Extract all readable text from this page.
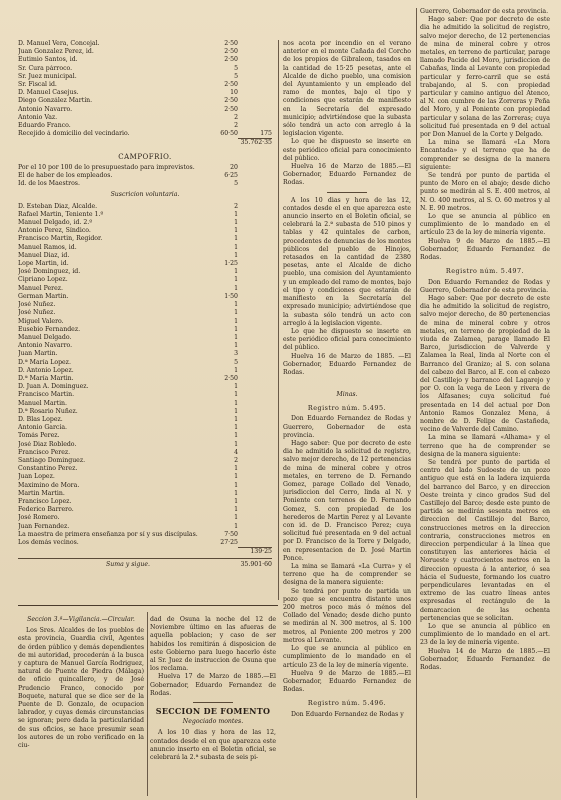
D. Manuel Vera, Concejal.	2·50
Juan Gonzalez Perez, id.	2·50
Eutimio Santos, id.	2·50
Sr. Cura párroco.	5
Sr. Juez municipal.	5
Sr. Fiscal id.	2·50
D. Manuel Casejus.	10
Diego González Martín.	2·50
Antonio Navarro.	2·50
Antonio Vaz.	2
Eduardo Franco.	2
Recejido á domicilio del vecindario.	60·50	175
35.762·35
CAMPOFRIO.
Por el 10 por 100 de lo presupuestado para imprevistos.	20
El de haber de los empleados.	6·25
Id. de los Maestros.	5
Suscricion voluntaria.
D. Esteban Diaz, Alcalde.	2
Rafael Martin, Teniente 1.º	1
Manuel Delgado, id. 2.º	1
Antonio Perez, Síndico.	1
Francisco Martin, Regidor.	1
Manuel Ramos, id.	1
Manuel Diaz, id.	1
Lope Martin, id.	1·25
José Dominguez, id.	1
Cipriano Lopez.	1
Manuel Perez.	1
German Martin.	1·50
José Nuñez.	1
José Nuñez.	1
Miguel Valero.	1
Eusebio Fernandez.	1
Manuel Delgado.	1
Antonio Navarro.	1
Juan Martin.	3
D.ª María Lopez.	5
D. Antonio Lopez.	1
D.ª María Martin.	2·50
D. Juan A. Dominguez.	1
Francisco Martin.	1
Manuel Martin.	1
D.ª Rosario Nuñez.	1
D. Blas Lopez.	1
Antonio García.	1
Tomás Perez.	1
José Diaz Robledo.	1
Francisco Perez.	4
Santiago Dominguez.	2
Constantino Perez.	1
Juan Lopez.	1
Maximino de Mora.	1
Martin Martin.	1
Francisco Lopez.	1
Federico Barrero.	1
José Romero.	1
Juan Fernandez.	1
La maestra de primera enseñanza por sí y sus discípulas.	7·50
Los demás vecinos.	27·25
139·25
Suma y sigue.	35.901·60

nos acota por incendio en el verano anterior en el monte Cañada del Corcho de los propios de Gibraleon, tasados en la cantidad de 15·25 pesetas, ante el Alcalde de dicho pueblo, una comision del Ayuntamiento y un empleado del ramo de montes, bajo el tipo y condiciones que estarán de manifiesto en la Secretaría del expresado municipio; advirtiéndose que la subasta sólo tendrá un acto con arreglo á la legislacion vigente.

Lo que he dispuesto se inserte en este periódico oficial para conocimiento del público.

Huelva 16 de Marzo de 1885.—El Gobernador, Eduardo Fernandez de Rodas.

A los 10 dias y hora de las 12, contados desde el en que aparezca este anuncio inserto en el Boletin oficial, se celebrará la 2.ª subasta de 510 pinos y tablas y 42 quintales de carbon, procedentes de denuncias de los montes públicos del pueblo de Hinojos, retasados en la cantidad de 2380 pesetas, ante el Alcalde de dicho pueblo, una comision del Ayuntamiento y un empleado del ramo de montes, bajo el tipo y condiciones que estarán de manifiesto en la Secretaría del expresado municipio; advirtiéndose que la subasta sólo tendrá un acto con arreglo á la legislacion vigente.

Lo que he dispuesto se inserte en este periódico oficial para conocimiento del público.

Huelva 16 de Marzo de 1885. —El Gobernador, Eduardo Fernandez de Rodas.

Minas.
Registro núm. 5.495.

Don Eduardo Fernandez de Rodas y Guerrero, Gobernador de esta provincia.

Hago saber: Que por decreto de este dia he admitido la solicitud de registro, salvo mejor derecho, de 12 pertenencias de mina de mineral cobre y otros metales, en terreno de D. Fernando Gomez, parage Collado del Venado, jurisdiccion del Cerro, linda al N. y Poniente con terrenos de D. Fernando Gomez, S. con propiedad de los herederos de Martin Perez y al Levante con id. de D. Francisco Perez; cuya solicitud fué presentada en 9 del actual por D. Francisco de la Torre y Delgado, en representacion de D. José Martin Ponce.

La mina se llamará «La Curra» y el terreno que ha de comprender se designa de la manera siguiente:

Se tendrá por punto de partida un pozo que se encuentra distante unos 200 metros poco más ó ménos del Collado del Venado; desde dicho punto se medirán al N. 300 metros, al S. 100 metros, al Poniente 200 metros y 200 metros al Levante.

Lo que se anuncia al público en cumplimiento de lo mandado en el artículo 23 de la ley de minería vigente.

Huelva 9 de Marzo de 1885.—El Gobernador, Eduardo Fernandez de Rodas.

Registro núm. 5.496.

Don Eduardo Fernandez de Rodas y

Guerrero, Gobernador de esta provincia.

Hago saber: Que por decreto de este dia he admitido la solicitud de registro, salvo mejor derecho, de 12 pertenencias de mina de mineral cobre y otros metales, en terreno de particular, parage llamado Pacide del Moro, jurisdiccion de Cabañas, linda al Levante con propiedad particular y ferro-carril que se está trabajando, al S. con propiedad particular y camino antiguo del Atenco, al N. con cumbre de las Zorreras y Peña del Moro, y al Poniente con propiedad particular y solana de las Zorreras; cuya solicitud fué presentada en 9 del actual por Don Manuel de la Corte y Delgado.

La mina se llamará «La Mora Encantada» y el terreno que ha de comprender se designa de la manera siguiente:

Se tendrá por punto de partida el punto de Moro en el abajo; desde dicho punto se medirán al S. E. 400 metros, al N. O. 400 metros, al S. O. 60 metros y al N. E. 90 metros.

Lo que se anuncia al público en cumplimiento de lo mandado en el artículo 23 de la ley de minería vigente.

Huelva 9 de Marzo de 1885.—El Gobernador, Eduardo Fernandez de Rodas.

Registro núm. 5.497.

Don Eduardo Fernandez de Rodas y Guerrero, Gobernador de esta provincia.

Hago saber: Que por decreto de este dia he admitido la solicitud de registro, salvo mejor derecho, de 80 pertenencias de mina de mineral cobre y otros metales, en terreno de propiedad de la viuda de Zalamea, parage llamado El Barco, jurisdiccion de Valverde y Zalamea la Real, linda al Norte con el Barranco del Granizo; al S. con solana del cabezo del Barco, al E. con el cabezo del Castillejo y barranco del Lagarejo y por O. con la vega de Leon y rivera de los Alfasanes; cuya solicitud fué presentada en 14 del actual por Don Antonio Ramos Gonzalez Mena, á nombre de D. Felipe de Castañeda, vecino de Valverde del Camino.

La mina se llamará «Alhama» y el terreno que ha de comprender se designa de la manera siguiente:

Se tendrá por punto de partida el centro del lado Sudoeste de un pozo antiguo que está en la ladera izquierda del barranco del Barco, y en direccion Oeste treinta y cinco grados Sud del Castillejo del Barco; desde este punto de partida se medirán sesenta metros en direccion del Castillejo del Barco, construcciones metros en la direccion contraria, construcciones metros en direccion perpendicular á la línea que constituyen las anteriores hácia el Norueste y cuatrocientos metros en la direccion opuesta á la anterior, ó sea hácia el Sudueste, formando los cuatro perpendiculares levantadas en el extremo de las cuatro líneas antes expresadas el rectángulo de la demarcacion de las ochenta pertenencias que se solicitan.

Lo que se anuncia al público en cumplimiento de lo mandado en el art. 23 de la ley de minería vigente.

Huelva 14 de Marzo de 1885.—El Gobernador, Eduardo Fernandez de Rodas.

Seccion 3.ª—Vigilancia.—Circular.

Los Sres. Alcaldes de los pueblos de esta provincia, Guardia civil, Agentes de órden público y demás dependientes de mi autoridad, procederán á la busca y captura de Manuel García Rodriguez, natural de Puente de Piedra (Málaga) de oficio quincallero, y de José Prudencio Franco, conocido por Boquete, natural que se dice ser de la Puente de D. Gonzalo, de ocupacion labrador, y cuyas demás circunstancias se ignoran; pero dada la particularidad de sus oficios, se hace presumir sean los autores de un robo verificado en la ciu-

dad de Osuna la noche del 12 de Noviembre último en las afueras de aquella poblacion; y caso de ser habidos los remitirán á disposicion de este Gobierno para luego hacerlo éste al Sr. Juez de instruccion de Osuna que los reclama.

Huelva 17 de Marzo de 1885.—El Gobernador, Eduardo Fernandez de Rodas.

SECCION DE FOMENTO
Negociado montes.

A los 10 dias y hora de las 12, contados desde el en que aparezca este anuncio inserto en el Boletin oficial, se celebrará la 2.ª subasta de seis pi-
